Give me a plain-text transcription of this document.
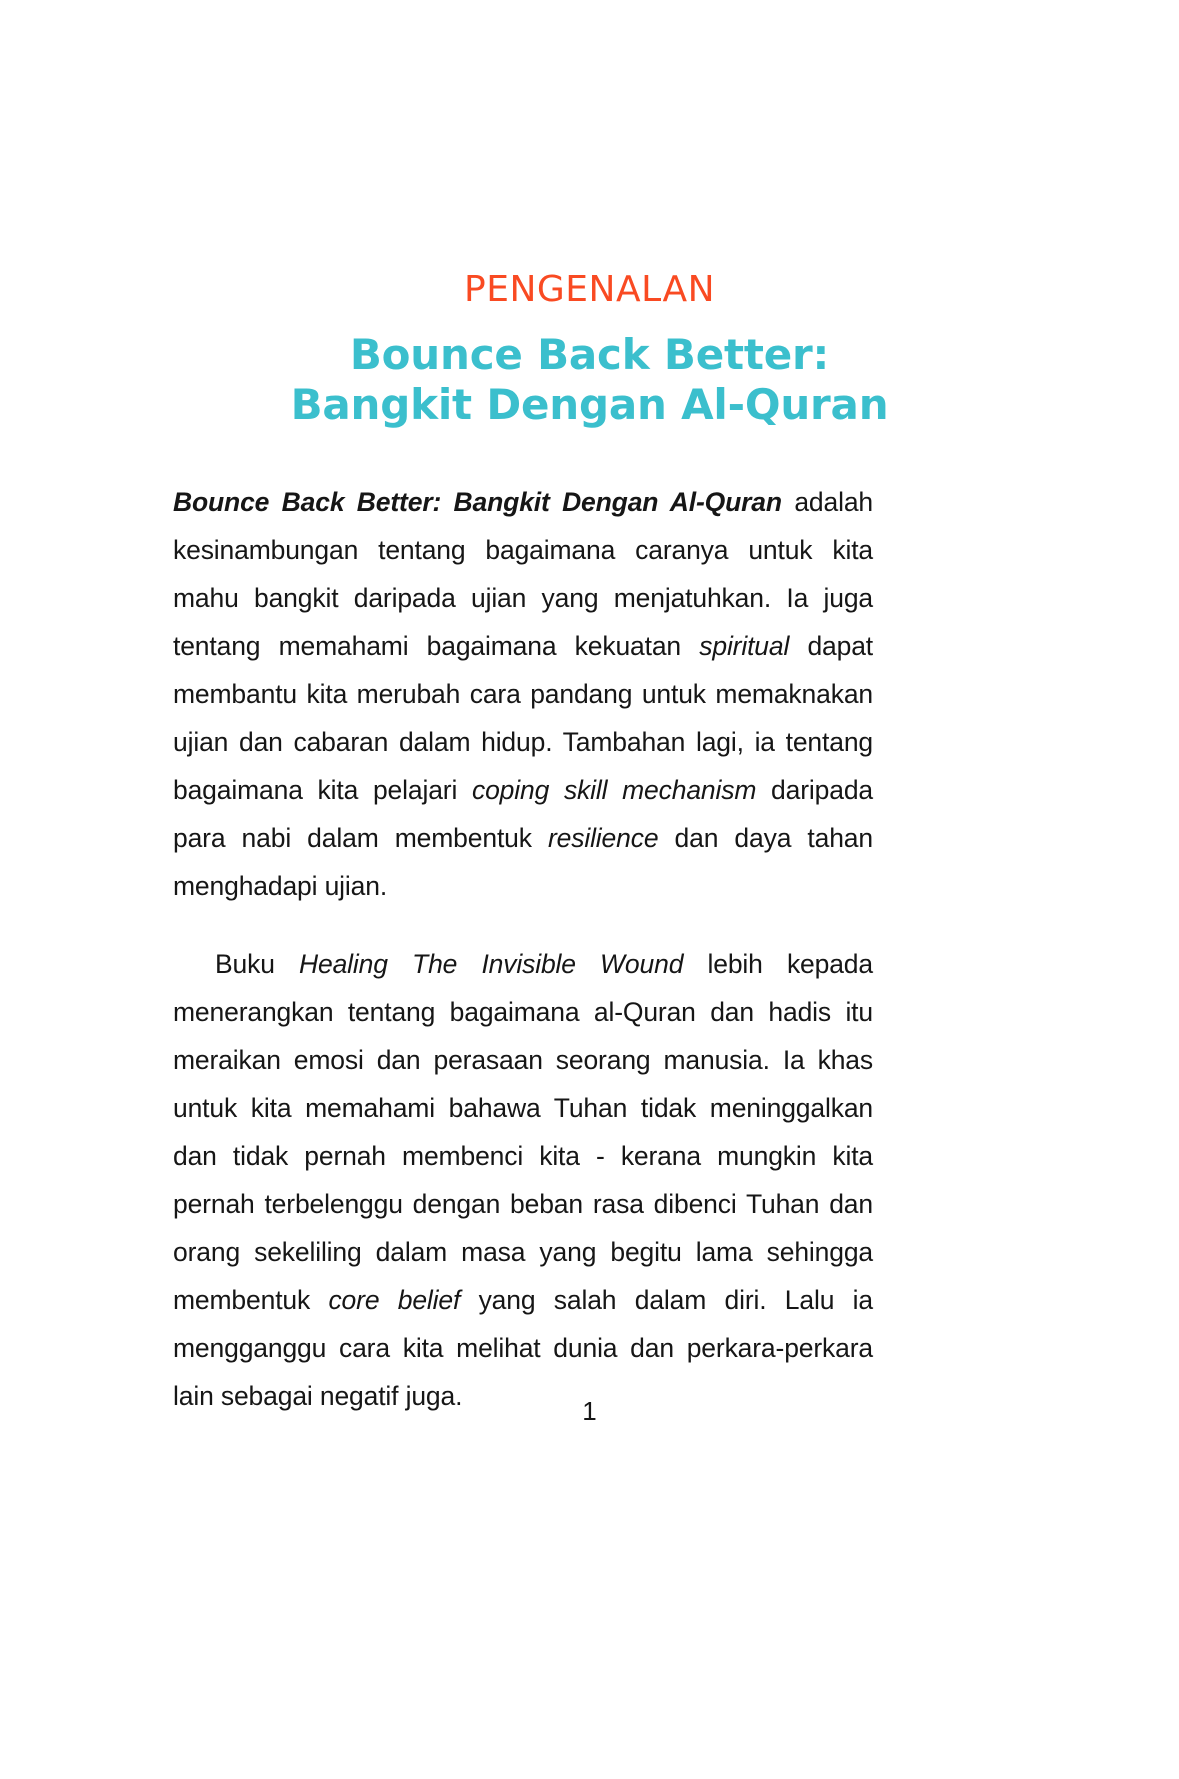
PENGENALAN
Bounce Back Better:
Bangkit Dengan Al-Quran

Bounce Back Better: Bangkit Dengan Al-Quran adalah kesinambungan tentang bagaimana caranya untuk kita mahu bangkit daripada ujian yang menjatuhkan. Ia juga tentang memahami bagaimana kekuatan spiritual dapat membantu kita merubah cara pandang untuk memaknakan ujian dan cabaran dalam hidup. Tambahan lagi, ia tentang bagaimana kita pelajari coping skill mechanism daripada para nabi dalam membentuk resilience dan daya tahan menghadapi ujian.

Buku Healing The Invisible Wound lebih kepada menerangkan tentang bagaimana al-Quran dan hadis itu meraikan emosi dan perasaan seorang manusia. Ia khas untuk kita memahami bahawa Tuhan tidak meninggalkan dan tidak pernah membenci kita - kerana mungkin kita pernah terbelenggu dengan beban rasa dibenci Tuhan dan orang sekeliling dalam masa yang begitu lama sehingga membentuk core belief yang salah dalam diri. Lalu ia mengganggu cara kita melihat dunia dan perkara-perkara lain sebagai negatif juga.	1
